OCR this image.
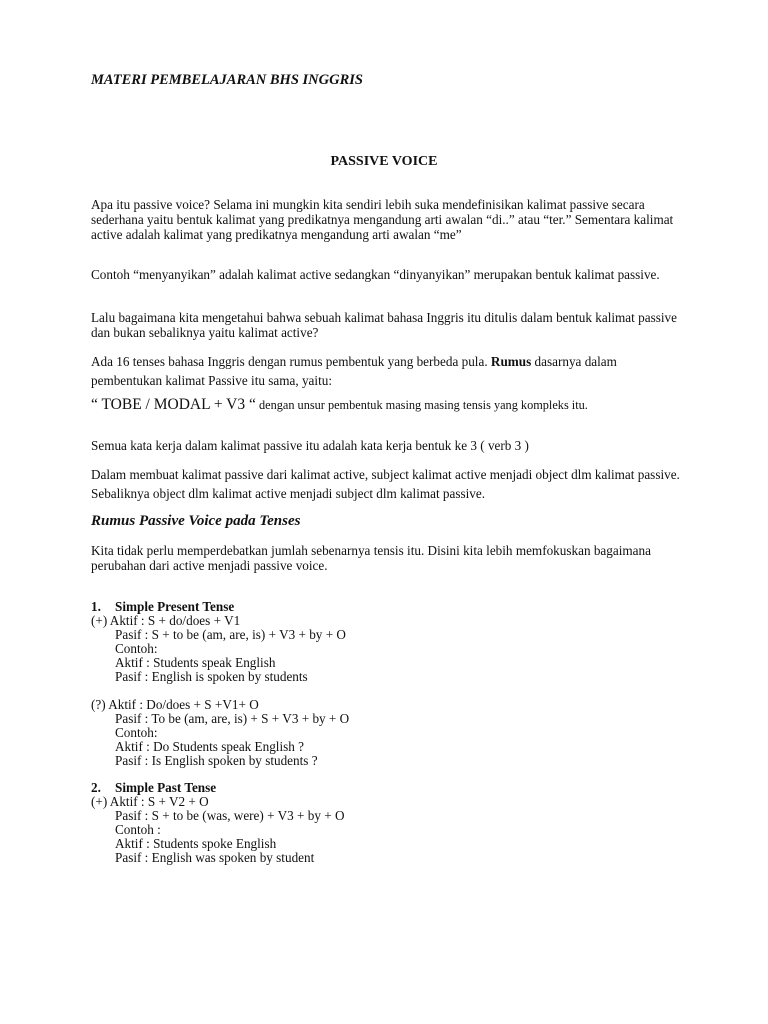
MATERI PEMBELAJARAN BHS INGGRIS

PASSIVE VOICE

Apa itu passive voice? Selama ini mungkin kita sendiri lebih suka mendefinisikan kalimat passive secara sederhana yaitu bentuk kalimat yang predikatnya mengandung arti awalan “di..” atau “ter.” Sementara kalimat active adalah kalimat yang predikatnya mengandung arti awalan “me”

Contoh “menyanyikan” adalah kalimat active sedangkan “dinyanyikan” merupakan bentuk kalimat passive.

Lalu bagaimana kita mengetahui bahwa sebuah kalimat bahasa Inggris itu ditulis dalam bentuk kalimat passive dan bukan sebaliknya yaitu kalimat active?

Ada 16 tenses bahasa Inggris dengan rumus pembentuk yang berbeda pula. Rumus dasarnya dalam pembentukan kalimat Passive itu sama, yaitu:

“ TOBE / MODAL + V3 “ dengan unsur pembentuk masing masing tensis yang kompleks itu.

Semua kata kerja dalam kalimat passive itu adalah kata kerja bentuk ke 3 ( verb 3 )

Dalam membuat kalimat passive dari kalimat active, subject kalimat active menjadi object dlm kalimat passive. Sebaliknya object dlm kalimat active menjadi subject dlm kalimat passive.

Rumus Passive Voice pada Tenses

Kita tidak perlu memperdebatkan jumlah sebenarnya tensis itu. Disini kita lebih memfokuskan bagaimana perubahan dari active menjadi passive voice.

1. Simple Present Tense
(+) Aktif : S + do/does + V1
Pasif : S + to be (am, are, is) + V3 + by + O
Contoh:
Aktif : Students speak English
Pasif : English is spoken by students
(?) Aktif : Do/does + S +V1+ O
Pasif : To be (am, are, is) + S + V3 + by + O
Contoh:
Aktif : Do Students speak English ?
Pasif : Is English spoken by students ?
2. Simple Past Tense
(+) Aktif : S + V2 + O
Pasif : S + to be (was, were) + V3 + by + O
Contoh :
Aktif : Students spoke English
Pasif : English was spoken by student
